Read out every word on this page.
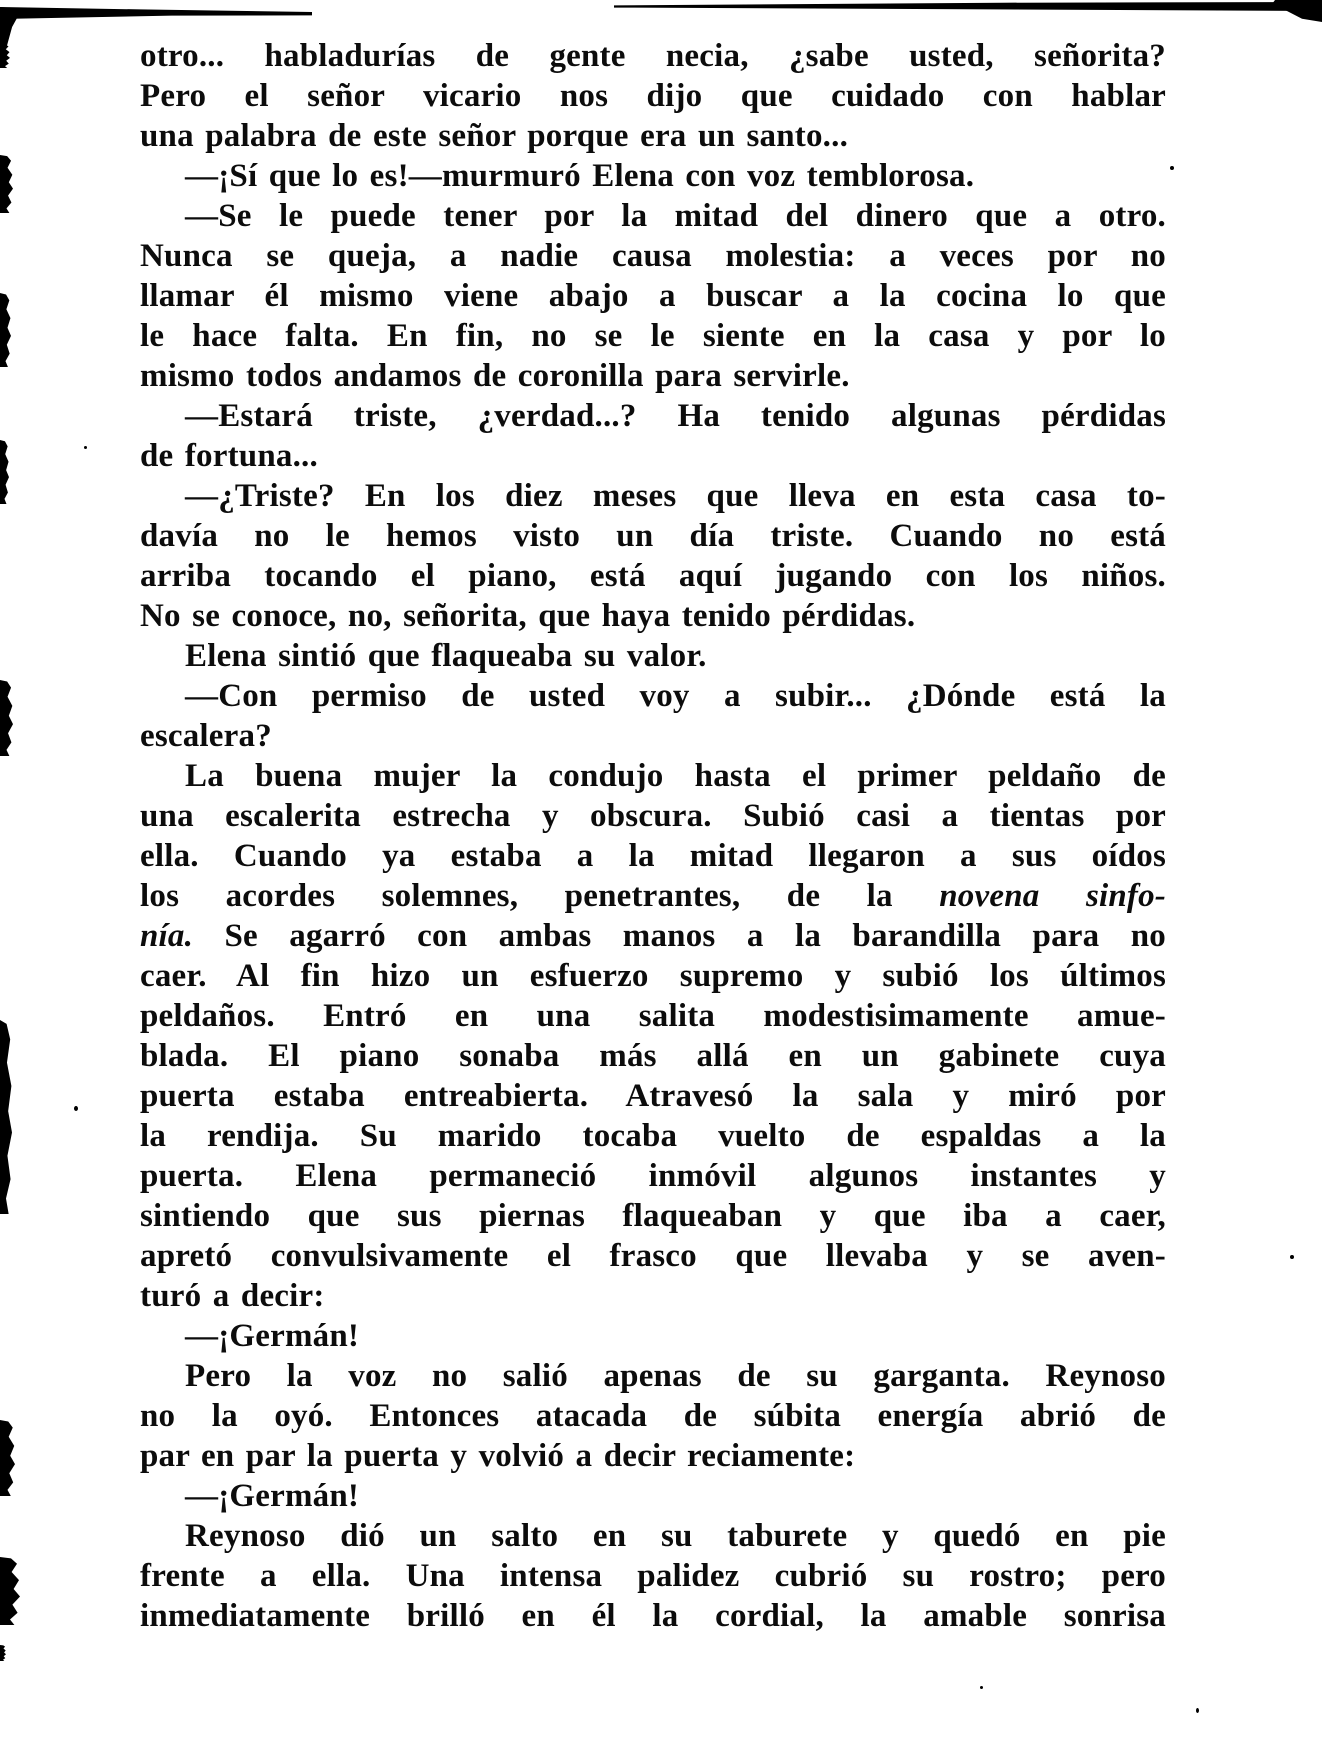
otro... habladurías de gente necia, ¿sabe usted, señorita?
Pero el señor vicario nos dijo que cuidado con hablar
una palabra de este señor porque era un santo...
—¡Sí que lo es!—murmuró Elena con voz temblorosa.
—Se le puede tener por la mitad del dinero que a otro.
Nunca se queja, a nadie causa molestia: a veces por no
llamar él mismo viene abajo a buscar a la cocina lo que
le hace falta. En fin, no se le siente en la casa y por lo
mismo todos andamos de coronilla para servirle.
—Estará triste, ¿verdad...? Ha tenido algunas pérdidas
de fortuna...
—¿Triste? En los diez meses que lleva en esta casa to-
davía no le hemos visto un día triste. Cuando no está
arriba tocando el piano, está aquí jugando con los niños.
No se conoce, no, señorita, que haya tenido pérdidas.
Elena sintió que flaqueaba su valor.
—Con permiso de usted voy a subir... ¿Dónde está la
escalera?
La buena mujer la condujo hasta el primer peldaño de
una escalerita estrecha y obscura. Subió casi a tientas por
ella. Cuando ya estaba a la mitad llegaron a sus oídos
los acordes solemnes, penetrantes, de la novena sinfo-
nía. Se agarró con ambas manos a la barandilla para no
caer. Al fin hizo un esfuerzo supremo y subió los últimos
peldaños. Entró en una salita modestisimamente amue-
blada. El piano sonaba más allá en un gabinete cuya
puerta estaba entreabierta. Atravesó la sala y miró por
la rendija. Su marido tocaba vuelto de espaldas a la
puerta. Elena permaneció inmóvil algunos instantes y
sintiendo que sus piernas flaqueaban y que iba a caer,
apretó convulsivamente el frasco que llevaba y se aven-
turó a decir:
—¡Germán!
Pero la voz no salió apenas de su garganta. Reynoso
no la oyó. Entonces atacada de súbita energía abrió de
par en par la puerta y volvió a decir reciamente:
—¡Germán!
Reynoso dió un salto en su taburete y quedó en pie
frente a ella. Una intensa palidez cubrió su rostro; pero
inmediatamente brilló en él la cordial, la amable sonrisa
